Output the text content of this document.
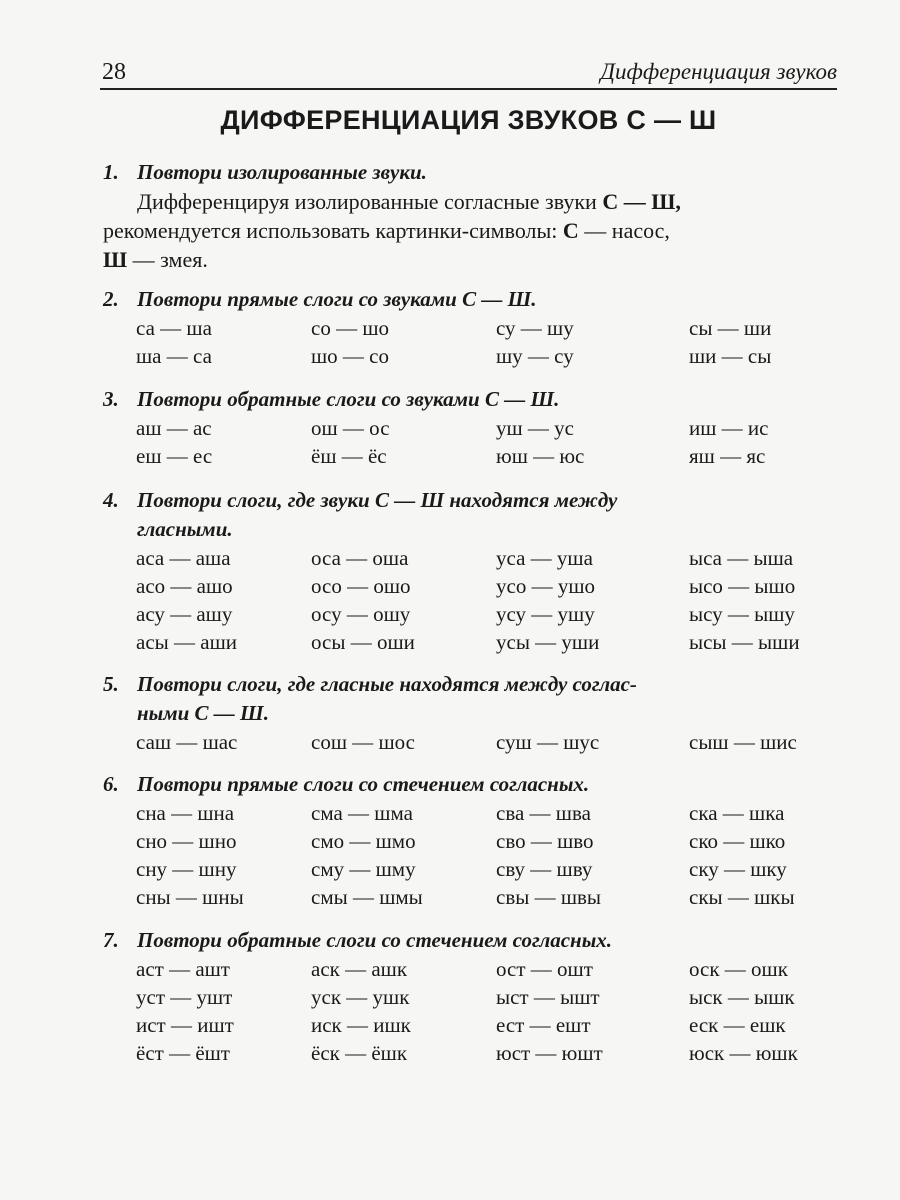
28	Дифференциация звуков
ДИФФЕРЕНЦИАЦИЯ ЗВУКОВ С — Ш
1. Повтори изолированные звуки.
Дифференцируя изолированные согласные звуки С — Ш,
рекомендуется использовать картинки-символы: С — насос,
Ш — змея.
2. Повтори прямые слоги со звуками С — Ш.
са — ша	со — шо	су — шу	сы — ши
ша — са	шо — со	шу — су	ши — сы
3. Повтори обратные слоги со звуками С — Ш.
аш — ас	ош — ос	уш — ус	иш — ис
еш — ес	ёш — ёс	юш — юс	яш — яс
4. Повтори слоги, где звуки С — Ш находятся между
гласными.
аса — аша	оса — оша	уса — уша	ыса — ыша
асо — ашо	осо — ошо	усо — ушо	ысо — ышо
асу — ашу	осу — ошу	усу — ушу	ысу — ышу
асы — аши	осы — оши	усы — уши	ысы — ыши
5. Повтори слоги, где гласные находятся между соглас-
ными С — Ш.
саш — шас	сош — шос	суш — шус	сыш — шис
6. Повтори прямые слоги со стечением согласных.
сна — шна	сма — шма	сва — шва	ска — шка
сно — шно	смо — шмо	сво — шво	ско — шко
сну — шну	сму — шму	сву — шву	ску — шку
сны — шны	смы — шмы	свы — швы	скы — шкы
7. Повтори обратные слоги со стечением согласных.
аст — ашт	аск — ашк	ост — ошт	оск — ошк
уст — ушт	уск — ушк	ыст — ышт	ыск — ышк
ист — ишт	иск — ишк	ест — ешт	еск — ешк
ёст — ёшт	ёск — ёшк	юст — юшт	юск — юшк
